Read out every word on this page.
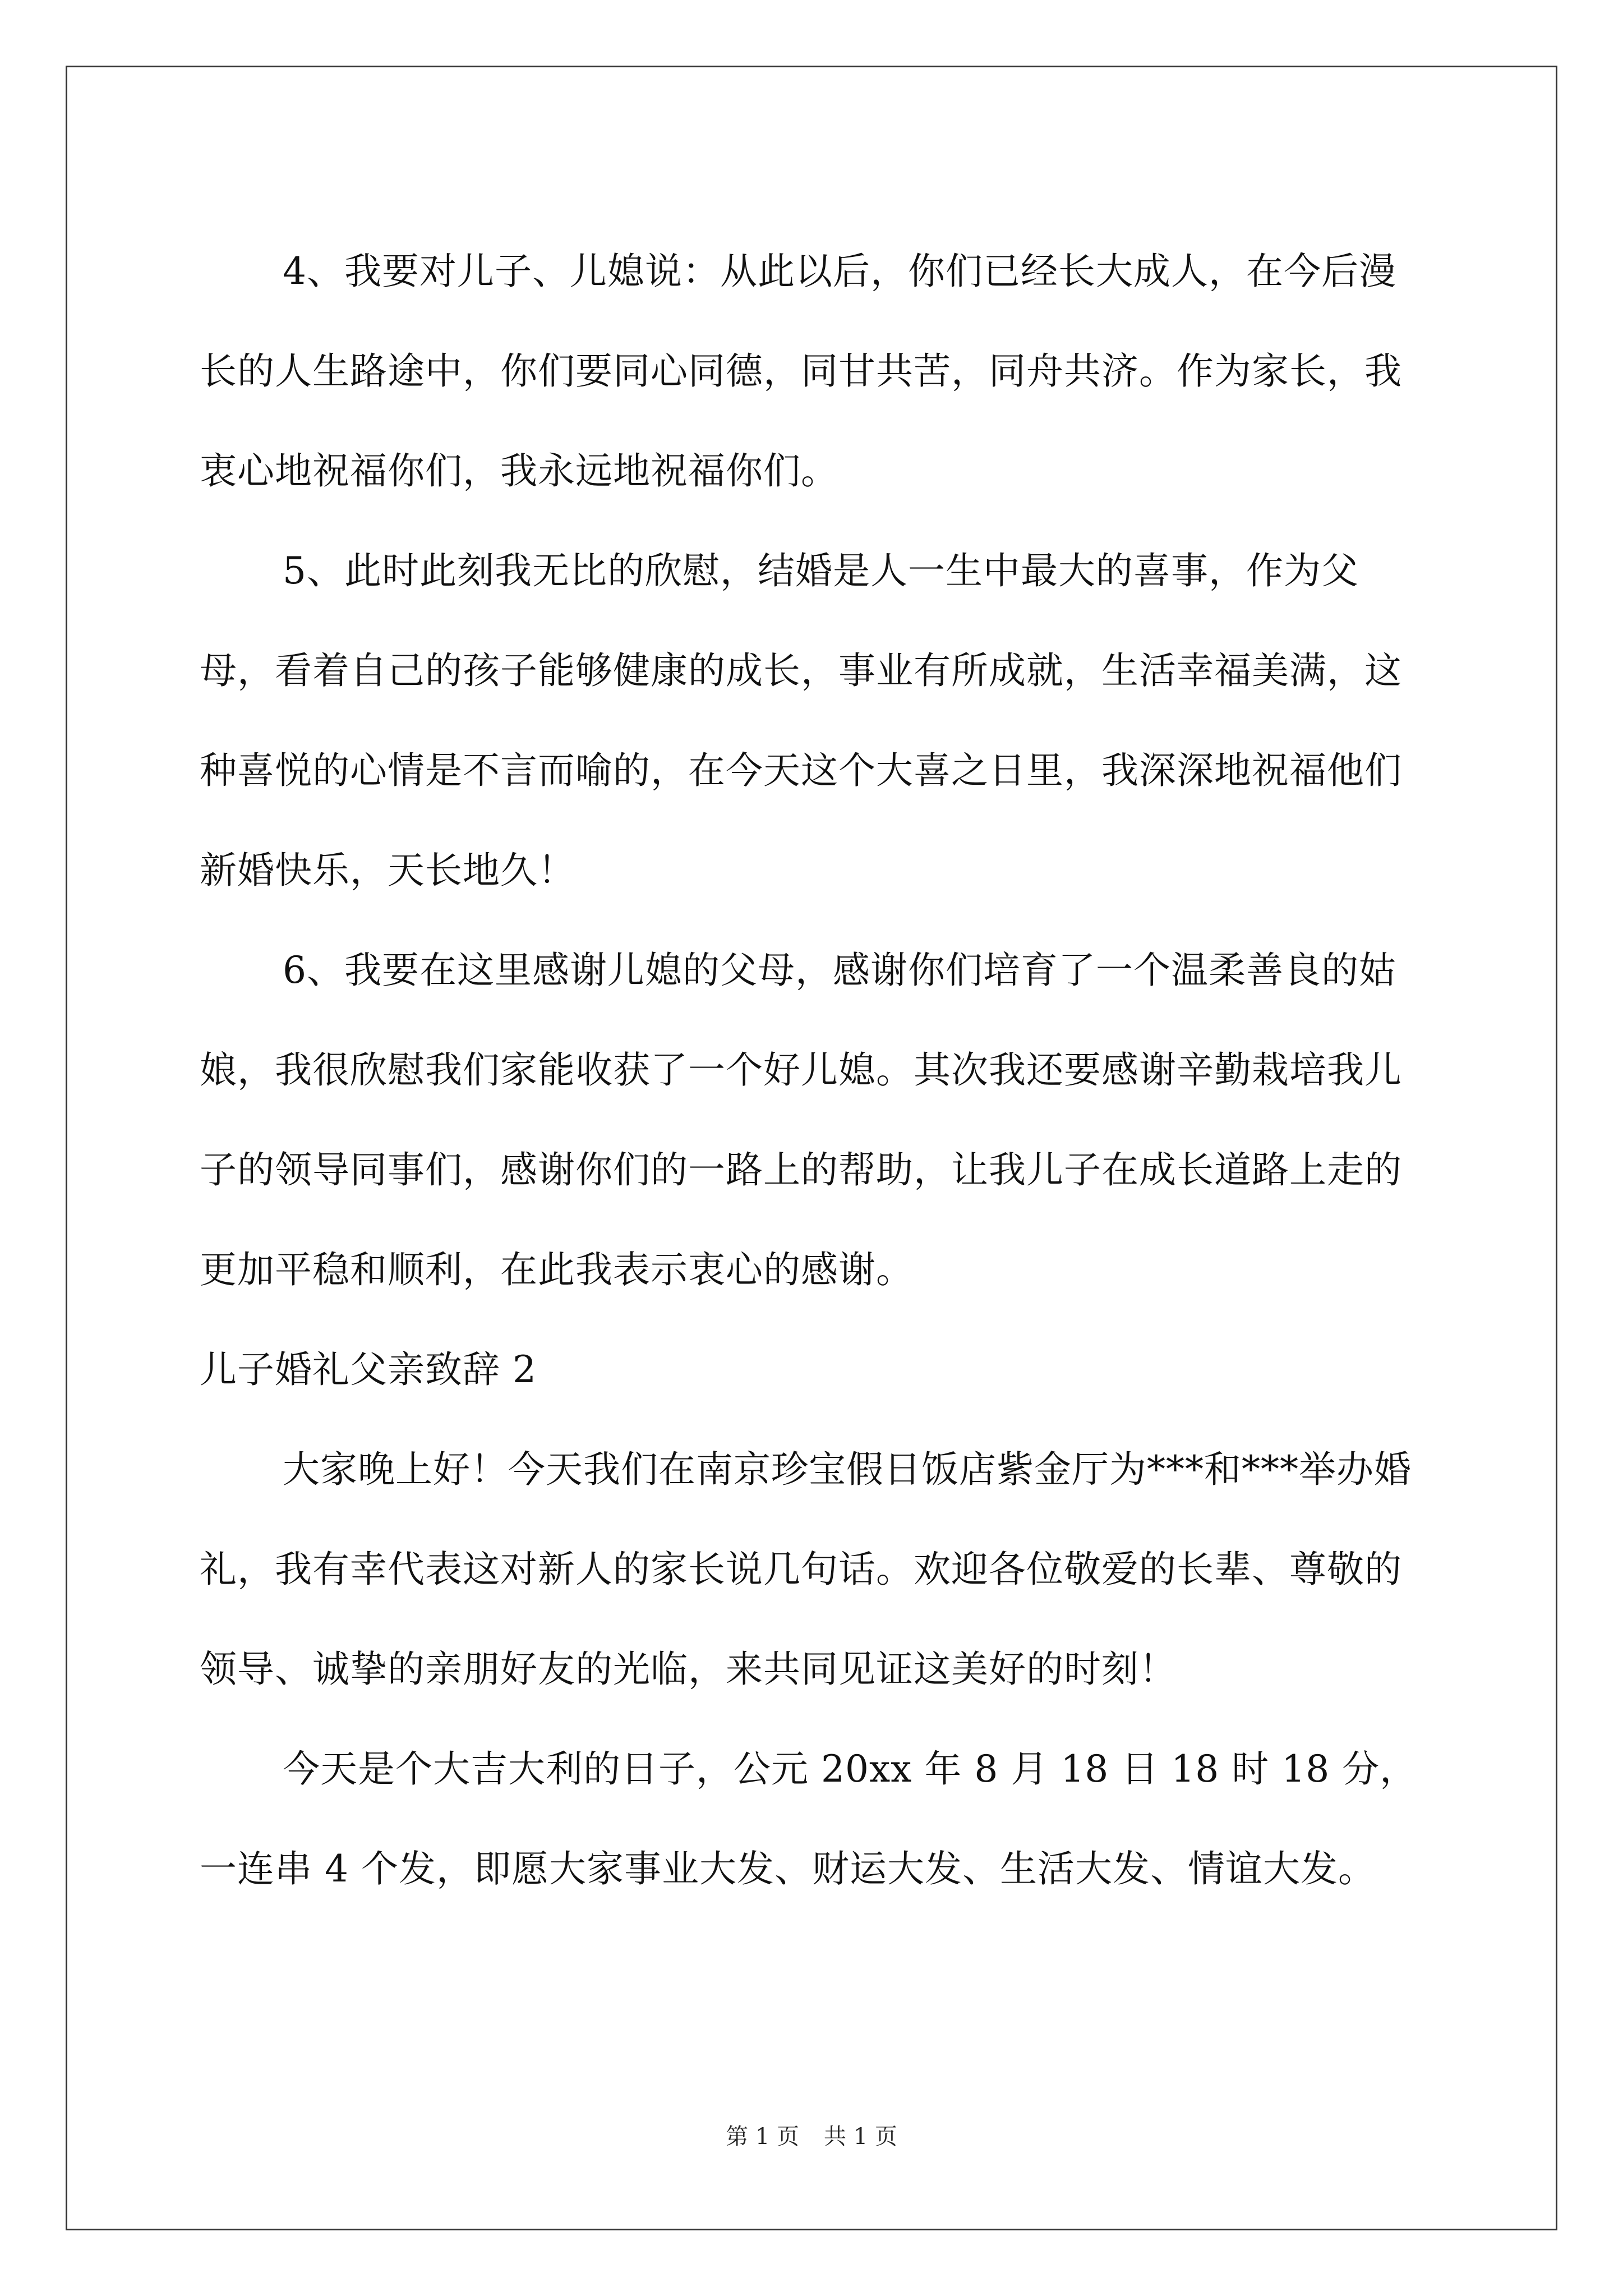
4、我要对儿子、儿媳说：从此以后，你们已经长大成人，在今后漫长的人生路途中，你们要同心同德，同甘共苦，同舟共济。作为家长，我衷心地祝福你们，我永远地祝福你们。

5、此时此刻我无比的欣慰，结婚是人一生中最大的喜事，作为父母，看着自己的孩子能够健康的成长，事业有所成就，生活幸福美满，这种喜悦的心情是不言而喻的，在今天这个大喜之日里，我深深地祝福他们新婚快乐，天长地久！

6、我要在这里感谢儿媳的父母，感谢你们培育了一个温柔善良的姑娘，我很欣慰我们家能收获了一个好儿媳。其次我还要感谢辛勤栽培我儿子的领导同事们，感谢你们的一路上的帮助，让我儿子在成长道路上走的更加平稳和顺利，在此我表示衷心的感谢。

儿子婚礼父亲致辞 2

大家晚上好！今天我们在南京珍宝假日饭店紫金厅为***和***举办婚礼，我有幸代表这对新人的家长说几句话。欢迎各位敬爱的长辈、尊敬的领导、诚挚的亲朋好友的光临，来共同见证这美好的时刻！

今天是个大吉大利的日子，公元 20xx 年 8 月 18 日 18 时 18 分，一连串 4 个发，即愿大家事业大发、财运大发、生活大发、情谊大发。

第 1 页 共 1 页
